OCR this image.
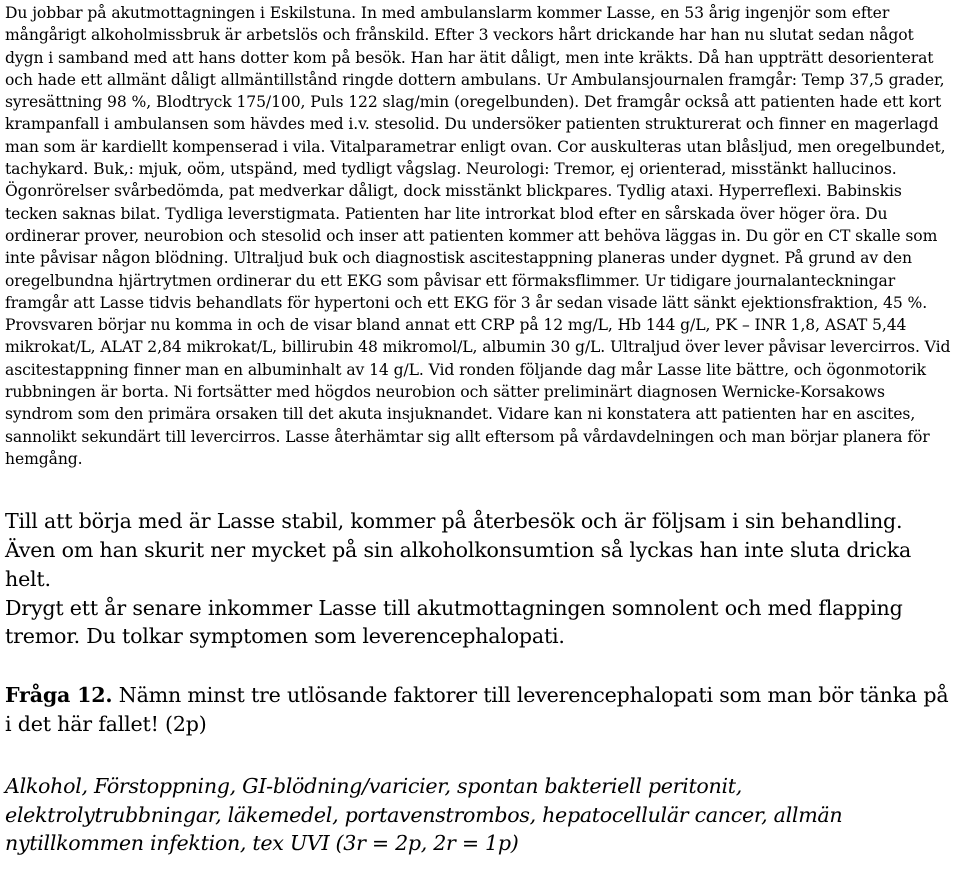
Du jobbar på akutmottagningen i Eskilstuna. In med ambulanslarm kommer Lasse, en 53 årig ingenjör som efter mångårigt alkoholmissbruk är arbetslös och frånskild. Efter 3 veckors hårt drickande har han nu slutat sedan något dygn i samband med att hans dotter kom på besök. Han har ätit dåligt, men inte kräkts. Då han uppträtt desorienterat och hade ett allmänt dåligt allmäntillstånd ringde dottern ambulans. Ur Ambulansjournalen framgår: Temp 37,5 grader, syresättning 98 %, Blodtryck 175/100, Puls 122 slag/min (oregelbunden). Det framgår också att patienten hade ett kort krampanfall i ambulansen som hävdes med i.v. stesolid. Du undersöker patienten strukturerat och finner en magerlagd man som är kardiellt kompenserad i vila. Vitalparametrar enligt ovan. Cor auskulteras utan blåsljud, men oregelbundet, tachykard. Buk,: mjuk, oöm, utspänd, med tydligt vågslag. Neurologi: Tremor, ej orienterad, misstänkt hallucinos. Ögonrörelser svårbedömda, pat medverkar dåligt, dock misstänkt blickpares. Tydlig ataxi. Hyperreflexi. Babinskis tecken saknas bilat. Tydliga leverstigmata. Patienten har lite introrkat blod efter en sårskada över höger öra. Du ordinerar prover, neurobion och stesolid och inser att patienten kommer att behöva läggas in. Du gör en CT skalle som inte påvisar någon blödning. Ultraljud buk och diagnostisk ascitestappning planeras under dygnet. På grund av den oregelbundna hjärtrytmen ordinerar du ett EKG som påvisar ett förmaksflimmer. Ur tidigare journalanteckningar framgår att Lasse tidvis behandlats för hypertoni och ett EKG för 3 år sedan visade lätt sänkt ejektionsfraktion, 45 %. Provsvaren börjar nu komma in och de visar bland annat ett CRP på 12 mg/L, Hb 144 g/L, PK – INR 1,8, ASAT 5,44 mikrokat/L, ALAT 2,84 mikrokat/L, billirubin 48 mikromol/L, albumin 30 g/L. Ultraljud över lever påvisar levercirros. Vid ascitestappning finner man en albuminhalt av 14 g/L. Vid ronden följande dag mår Lasse lite bättre, och ögonmotorik rubbningen är borta. Ni fortsätter med högdos neurobion och sätter preliminärt diagnosen Wernicke-Korsakows syndrom som den primära orsaken till det akuta insjuknandet. Vidare kan ni konstatera att patienten har en ascites, sannolikt sekundärt till levercirros. Lasse återhämtar sig allt eftersom på vårdavdelningen och man börjar planera för hemgång.

Till att börja med är Lasse stabil, kommer på återbesök och är följsam i sin behandling. Även om han skurit ner mycket på sin alkoholkonsumtion så lyckas han inte sluta dricka helt.

Drygt ett år senare inkommer Lasse till akutmottagningen somnolent och med flapping tremor. Du tolkar symptomen som leverencephalopati.

Fråga 12. Nämn minst tre utlösande faktorer till leverencephalopati som man bör tänka på i det här fallet! (2p)

Alkohol, Förstoppning, GI-blödning/varicier, spontan bakteriell peritonit, elektrolytrubbningar, läkemedel, portavenstrombos, hepatocellulär cancer, allmän nytillkommen infektion, tex UVI (3r = 2p, 2r = 1p)
